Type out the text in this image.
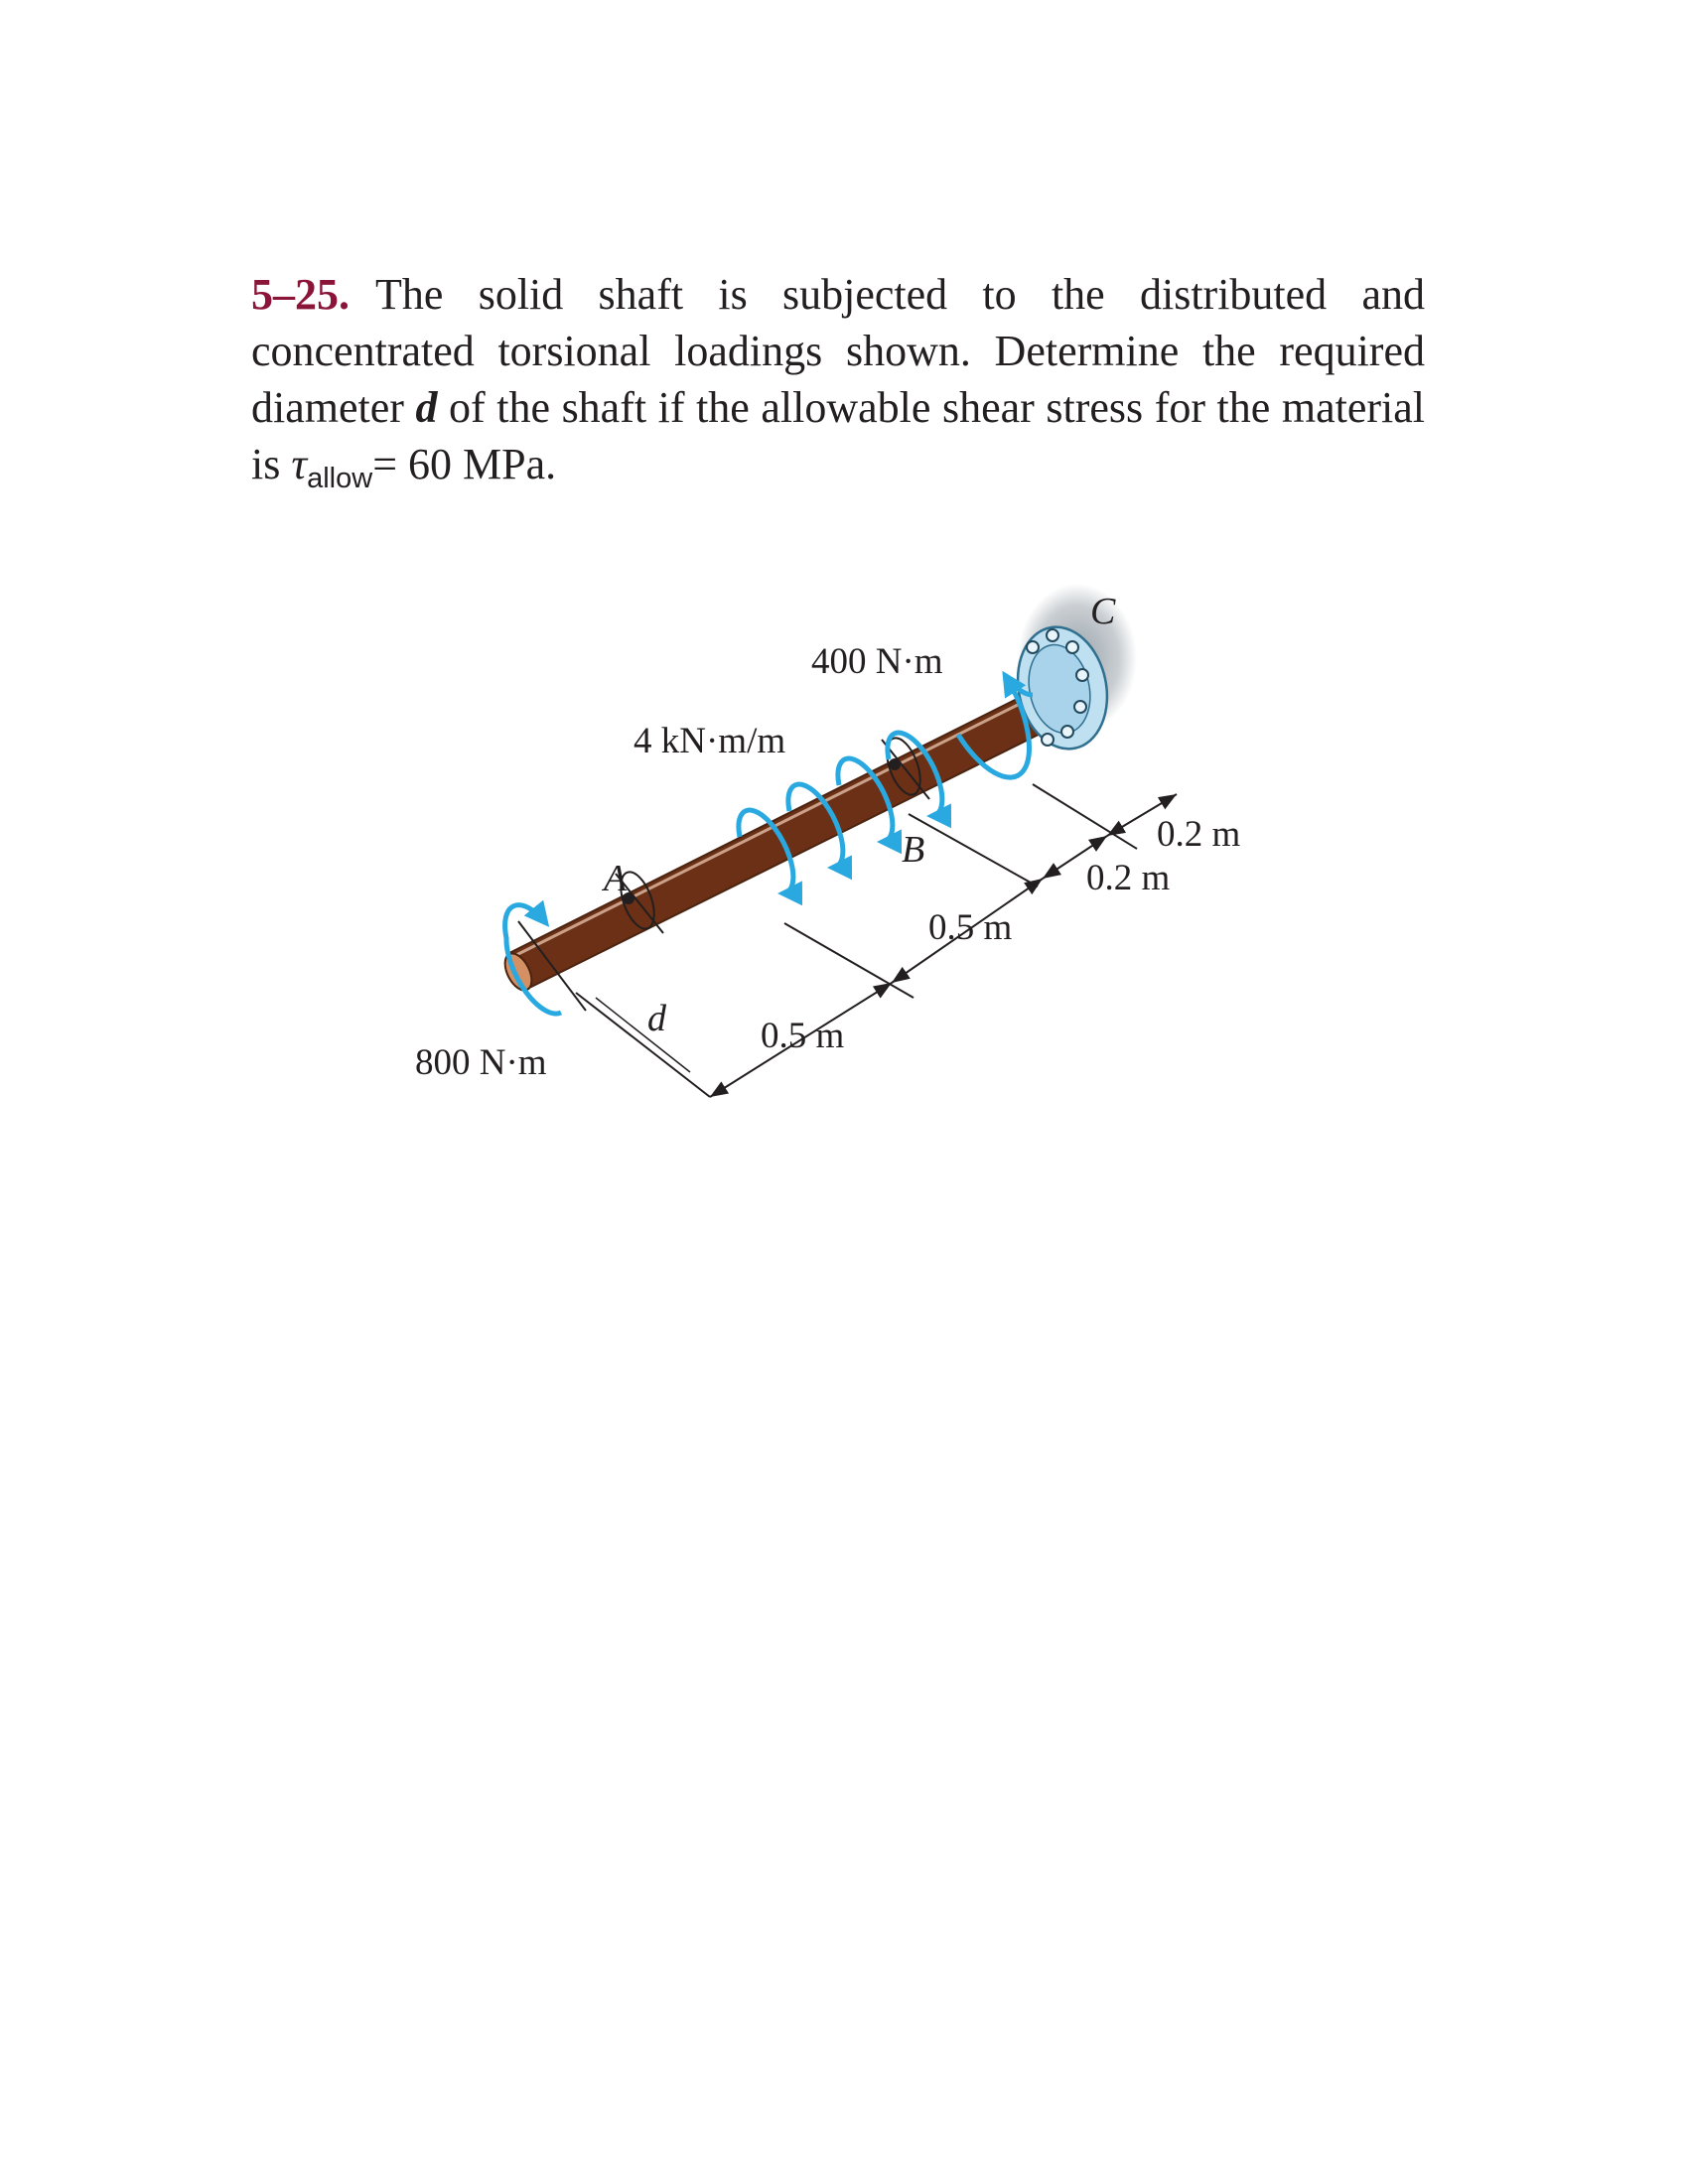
5–25. The solid shaft is subjected to the distributed and concentrated torsional loadings shown. Determine the required diameter d of the shaft if the allowable shear stress for the material is $\tau_{allow}= 60$ MPa.

400 N·m
4 kN·m/m
800 N·m
A
B
C
d	0.5 m
0.5 m
0.2 m
0.2 m
